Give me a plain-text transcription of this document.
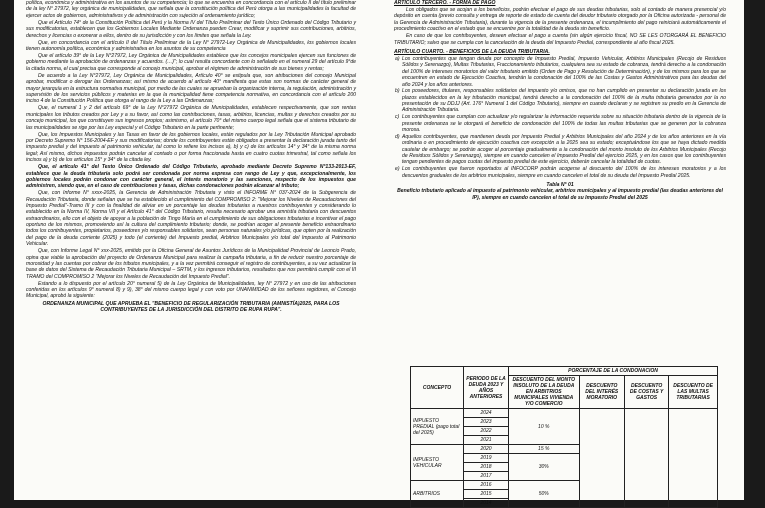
política, económica y administrativa en los asuntos de su competencia; lo que se encuentra en concordancia con el artículo II del título preliminar de la ley N° 27972, ley orgánica de municipalidades, que señala que la constitución política del Perú otorga a las municipalidades la facultad de ejercer actos de gobiernos, administrativos y de administración con sujeción al ordenamiento jurídico;

Que el Artículo 74° de la Constitución Política del Perú y la Norma IV del Título Preliminar del Texto Único Ordenado del Código Tributario y sus modificatorias, establecen que los Gobiernos Locales Mediante Ordenanza pueden Crear, modificar y suprimir sus contribuciones, arbitrios, derechos y licencias o exonerar a ellos, dentro de su jurisdicción y con los límites que señala la Ley.

Que, en concordancia con el artículo II del Título Preliminar de la Ley N° 27972-Ley Orgánica de Municipalidades, los gobiernos locales tienen autonomía política, económica y administrativa en los asuntos de su competencia

Que el artículo 39° de la Ley N°27972, Ley Orgánica de Municipalidades establece que los concejos municipales ejercen sus funciones de gobierno mediante la aprobación de ordenanzas y acuerdos. (…)"; lo cual resulta concordante con lo señalado en el numeral 29 del artículo 9°de la citada norma, el cual precisa que corresponde al concejo municipal, aprobar el régimen de administración de sus bienes y rentas;

De acuerdo a la Ley N°27972, Ley Orgánica de Municipalidades, Artículo 40° se estipula que, son atribuciones del concejo Municipal aprobar, modificar o derogar las Ordenanzas; así mismo de acuerdo al artículo 40° manifiesta que estas son normas de carácter general de mayor jerarquía en la estructura normativa municipal, por medio de las cuales se aprueban la organización interna, la regulación, administración y supervisión de los servicios públicos y materias en la que la municipalidad tiene competencia normativa, en concordancia con el artículo 200 inciso 4 de la Constitución Política que otorga el rango de la Ley a las Ordenanzas;

Que, el numeral 1 y 2 del artículo 69° de la Ley N°27972 Orgánica de Municipalidades, establecen respectivamente, que son rentas municipales los tributos creados por Ley y a su favor, así como las contribuciones, tasas, arbitrios, licencias, multas y derechos creados por su concejo municipal, los que constituyen sus ingresos propios; asimismo, el artículo 70° del mismo cuerpo legal señala que el sistema tributario de las municipalidades se rige por las Ley especial y el Código Tributario en la parte pertinente;

Que, los Impuestos Municipales y las Tasas en favor de los gobiernos locales, están regulados por la Ley Tributación Municipal aprobado por Decreto Supremo N° 156-2004-EF y sus modificatorias; donde los contribuyentes están obligados a presentar la declaración jurada tanto del impuesto predial y del impuesto al patrimonio vehicular, tal como lo refiere los incisos a), b) y c) de los artículos 14° y 34° de la misma norma legal; Así mismo, dichos impuestos podrán cancelar al contado o por forma fraccionada hasta en cuatro cuotas trimestral, tal como señala los incisos a) y b) de los artículos 15° y 34° de la citada ley.

Que, el artículo 41° del Texto Único Ordenado del Código Tributario, aprobado mediante Decreto Supremo N°133-2013-EF, establece que la deuda tributaria solo podrá ser condonada por norma expresa con rango de Ley y que, excepcionalmente, los gobiernos locales podrán condonar con carácter general, el interés moratorio y las sanciones, respecto de los impuestos que administren, siendo que, en el caso de contribuciones y tasas, dichas condonaciones podrán alcanzar al tributo;

Que, con Informe N° xxxx-2025, la Gerencia de Administración Tributaria y visto el INFORME N° 037-2024 de la Subgerencia de Recaudación Tributaria, donde señalan que se ha establecido el cumplimiento del COMPROMISO 2: "Mejorar los Niveles de Recaudaciones del Impuesto Predial"-Tramo III y con la finalidad de aliviar en un porcentaje las deudas tributarias a nuestros contribuyentes y considerando lo establecido en la Norma IV, Norma VII y el Artículo 41° del Código Tributario, resulta necesario aprobar una amnistía tributaria con descuentos extraordinarios, ello con el objeto de apoyar a la población de Tingo María en el cumplimiento de sus obligaciones tributarias e incentivar el pago oportuno de los mismos, promoviendo así la cultura del cumplimiento tributario; donde, se podrían acoger al presente beneficio extraordinario todos los contribuyentes, propietarios, poseedores y/o responsables solidarios, sean personas naturales y/o jurídicas, que opten por la realización del pago de la deuda corriente (2025) y todo (el corriente) del Impuesto predial, Arbitrios Municipales y/o total del Impuesto al Patrimonio Vehicular.

Que, con Informe Legal N° xxx-2025, emitido por la Oficina General de Asuntos Jurídicos de la Municipalidad Provincial de Leoncio Prado, opina que viable la aprobación del proyecto de Ordenanza Municipal para realizar la campaña tributaria, a fin de reducir nuestro porcentaje de morosidad y las cuentas por cobrar de los tributos municipales, y a la vez permitirá conseguir el registro de contribuyentes, a su vez actualizar la base de datos del Sistema de Recaudación Tributaria Municipal – SRTM, y los ingresos tributarios, resultados que nos permitirá cumplir con el III TRAMO del COMPROMISO 2 "Mejorar los Niveles de Recaudación del Impuesto Predial".

Estando a lo dispuesto por el artículo 20° numeral 5) de la Ley Orgánica de Municipalidades, ley N° 27972 y en uso de las atribuciones conferidas en los artículos 9° numeral 8) y 9), 38° del mismo cuerpo legal y con voto por UNANIMIDAD de los señores regidores, el Concejo Municipal, aprobó la siguiente:

ORDENANZA MUNICIPAL QUE APRUEBA EL "BENEFICIO DE REGULARIZACIÓN TRIBUTARIA (AMNISTÍA)2025, PARA LOS CONTRIBUYENTES DE LA JURISDICCIÓN DEL DISTRITO DE RUPA RUPA".

ARTÍCULO TERCERO. - FORMA DE PAGO

Los obligados que se acojan a los beneficios, podrán efectuar el pago de sus deudas tributarias, solo al contado de manera presencial y/o depósito en cuenta (previo consulta y entrega de reporte de estado de cuenta del deudor tributario otorgado por la Oficina autorizada - personal de la Gerencia de Administración Tributaria), durante la vigencia de la presente ordenanza, el incumplimiento del pago reiniciará automáticamente el procedimiento coactivo en el estado que se encuentre por la totalidad de la deuda sin beneficio.

En caso de que los contribuyentes, deseen efectuar el pago a cuenta (sin algún ejercicio fiscal, NO SE LES OTORGARÁ EL BENEFICIO TRIBUTARIO; salvo que se cumpla con la cancelación de la deuda del Impuesto Predial, correspondiente al año fiscal 2025.

ARTÍCULO CUARTO. - BENEFICIOS DE LA DEUDA TRIBUTARIA.

a) Los contribuyentes que tengan deuda por concepto de Impuesto Predial, Impuesto Vehicular, Arbitrios Municipales (Recojo de Residuos Sólidos y Serenazgo), Multas Tributarias, Fraccionamiento tributarios, cualquiera sea su estado de cobranza, tendrá derecho a la condonación del 100% de intereses moratorios del valor tributario emitido (Orden de Pago y Resolución de Determinación), y de los mismos para los que se encuentren en estado de Ejecución Coactiva, tendrán la condonación del 100% de las Costas y Gastos Administrativos para las deudas del año 2024 y los años anteriores.
b) Los poseedores, titulares, responsables solidarios del impuesto y/o omisos, que no han cumplido en presentar su declaración jurada en los plazos establecidos en la ley tributación municipal, tendrá derecho a la condonación del 100% de la multa tributaria generados por la no presentación de su DDJJ (Art. 176° Numeral 1 del Código Tributario), siempre en cuando declaran y se registren su predio en la Gerencia de Administración Tributaria.
c) Los contribuyentes que cumplan con actualizar y/o regularizar la información requerida sobre su situación tributaria dentro de la vigencia de la presente ordenanza se le otorgará el beneficio de condonación del 100% de todas las multas tributarias que se generen por la cobranza morosa.
d) Aquellos contribuyentes, que mantienen deuda por Impuesto Predial y Arbitrios Municipales del año 2024 y de los años anteriores en la vía ordinaria o en procedimiento de ejecución coactiva con excepción a la 2025 sea su estado; exceptuándose los que se haya dictado medida cautelar de embargo; se podrán acoger al porcentaje gradualmente a la condonación del monto insoluto de los Arbitrios Municipales (Recojo de Residuos Sólidos y Serenazgo), siempre en cuando cancelen el Impuesto Predial del ejercicio 2025, y en los casos que los contribuyentes tengan pendientes de pagos cuotas del impuesto predial de este ejercicio, deberán cancelar la totalidad de cuotas.
e) Los contribuyentes que fueron reportados al INFOCORP podrán acogerse al descuento del 100% de los intereses moratorios y a los descuentos graduales de los arbitrios municipales, siempre en cuando cancelen el total de su deuda del Impuesto Predial 2025.
Tabla N° 01
Beneficio tributario aplicado al impuesto al patrimonio vehicular, arbitrios municipales y al impuesto predial (las deudas anteriores del IP), siempre en cuando cancelen el total de su Impuesto Predial del 2025
CONCEPTO	PERIODO DE LA DEUDA 2023 Y AÑOS ANTERIORES	PORCENTAJE DE LA CONDONACION			
		DESCUENTO DEL MONTO INSOLUTO DE LA DEUDA EN ARBITRIOS MUNICIPALES VIVIENDA Y/O COMERCIO	DESCUENTO DEL INTERÉS MORATORIO	DESCUENTO DE COSTAS Y GASTOS	DESCUENTO DE LAS MULTAS TRIBUTARIAS
IMPUESTO PREDIAL (pago total del 2025)	2024	10 %			
	2023				
	2022				
	2021				
IMPUESTO VEHICULAR	2020	15 %			
	2019	30%			
	2018				
	2017				
ARBITRIOS	2016	50%			
	2015				
	2014				
